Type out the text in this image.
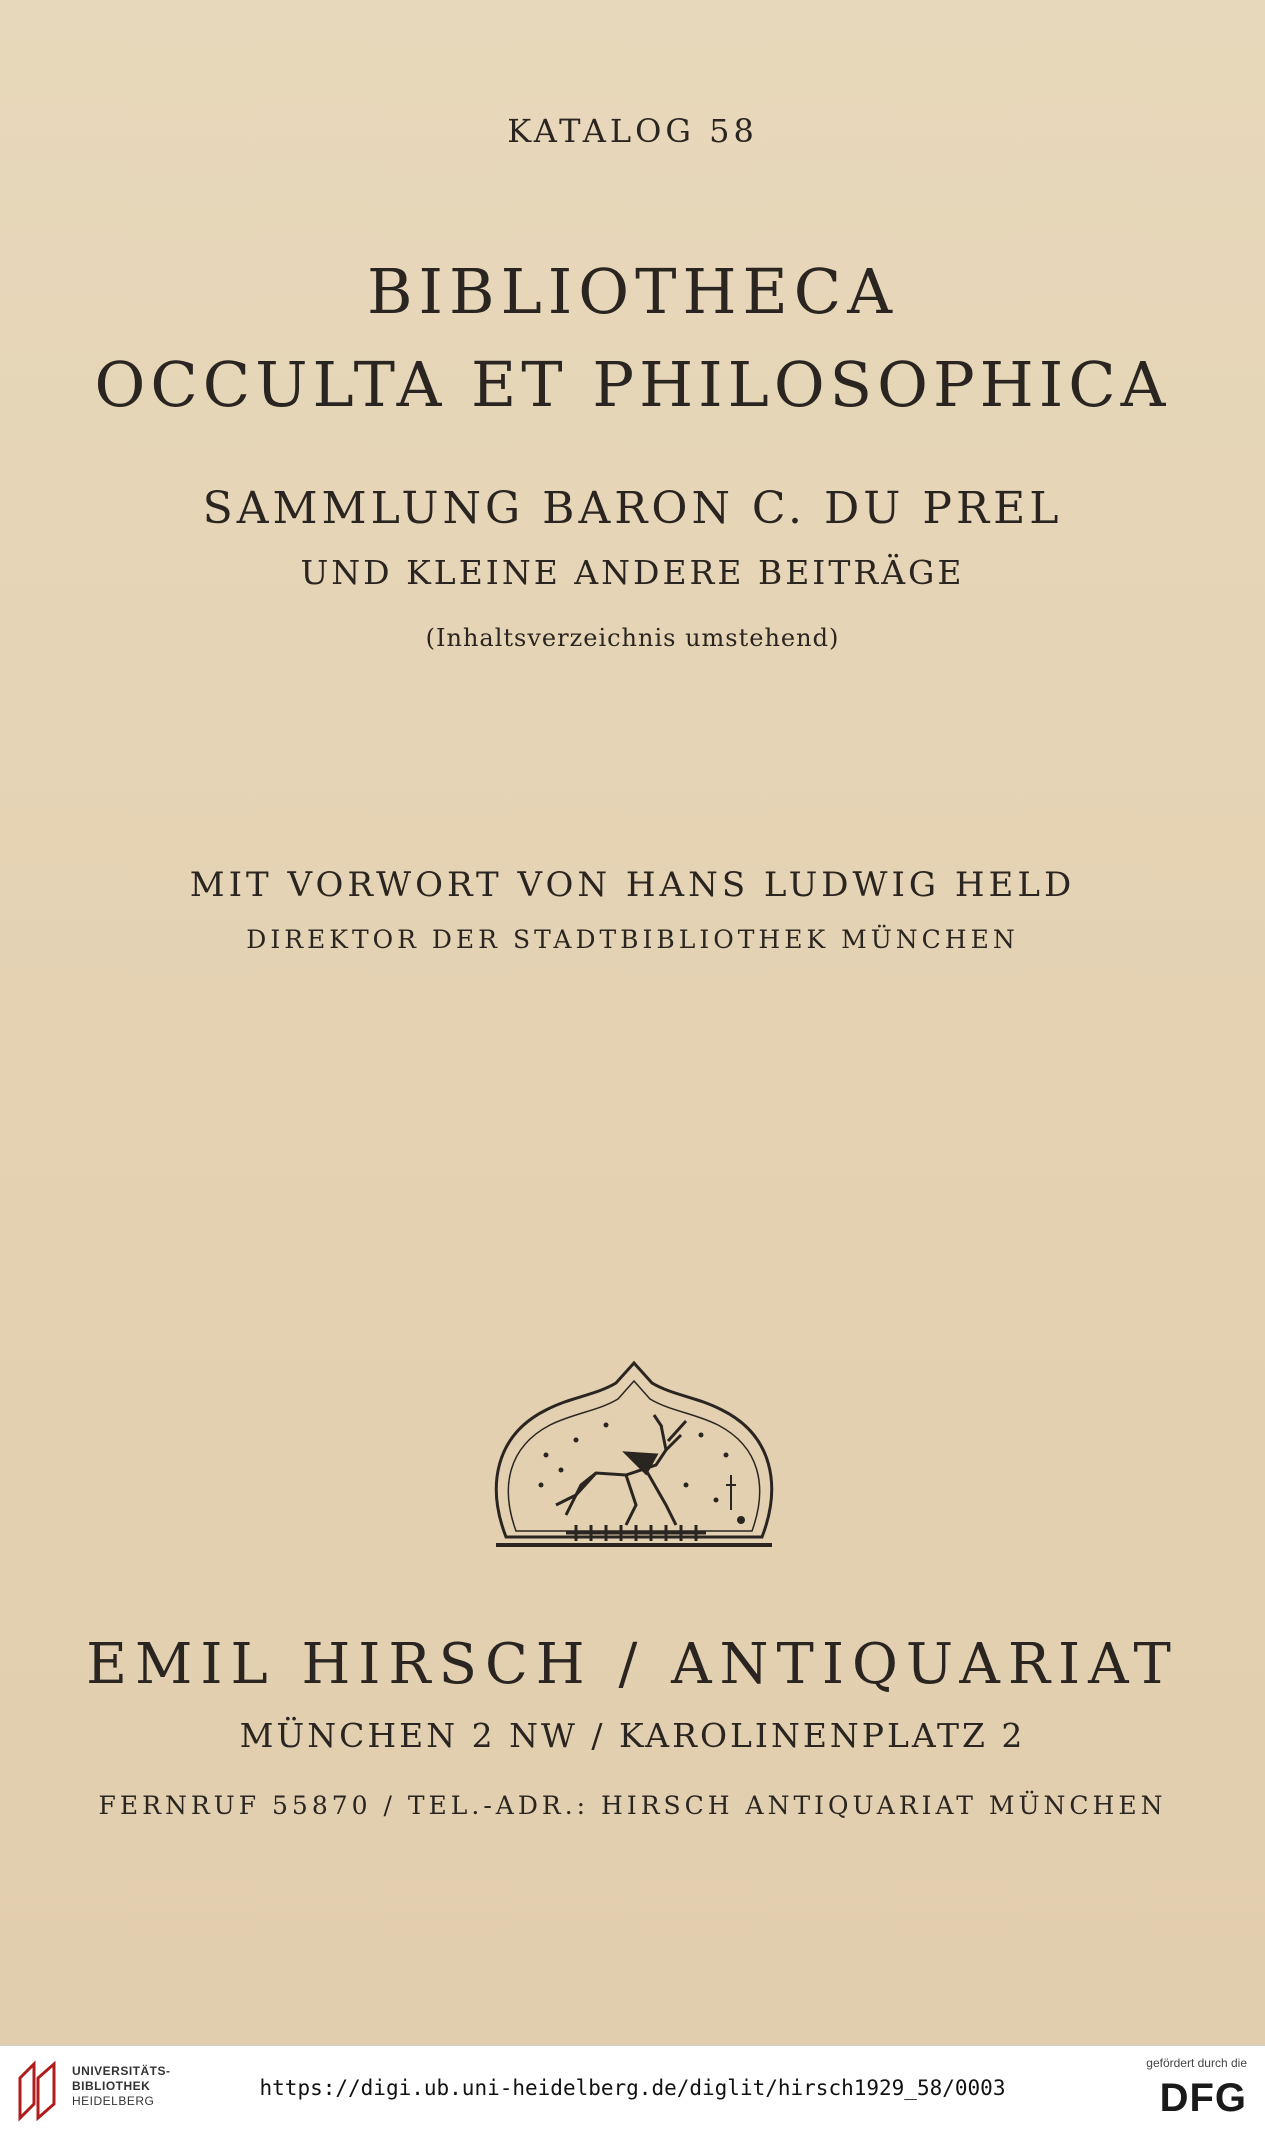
KATALOG 58
BIBLIOTHECA
OCCULTA ET PHILOSOPHICA
SAMMLUNG BARON C. DU PREL
UND KLEINE ANDERE BEITRÄGE
(Inhaltsverzeichnis umstehend)
MIT VORWORT VON HANS LUDWIG HELD
DIREKTOR DER STADTBIBLIOTHEK MÜNCHEN
EMIL HIRSCH / ANTIQUARIAT
MÜNCHEN 2 NW / KAROLINENPLATZ 2
FERNRUF 55870 / TEL.-ADR.: HIRSCH ANTIQUARIAT MÜNCHEN
UNIVERSITÄTS-
BIBLIOTHEK
HEIDELBERG
https://digi.ub.uni-heidelberg.de/diglit/hirsch1929_58/0003
gefördert durch die
DFG
